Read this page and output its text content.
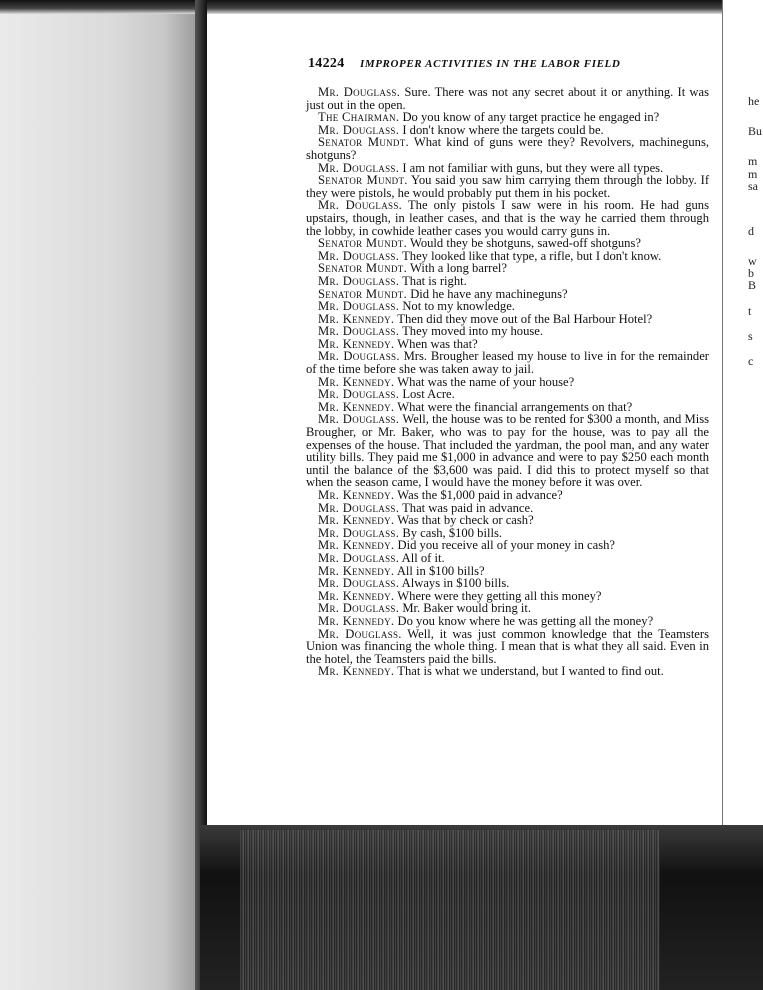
14224 IMPROPER ACTIVITIES IN THE LABOR FIELD

Mr. Douglass. Sure. There was not any secret about it or anything. It was just out in the open.

The Chairman. Do you know of any target practice he engaged in?

Mr. Douglass. I don't know where the targets could be.

Senator Mundt. What kind of guns were they? Revolvers, machineguns, shotguns?

Mr. Douglass. I am not familiar with guns, but they were all types.

Senator Mundt. You said you saw him carrying them through the lobby. If they were pistols, he would probably put them in his pocket.

Mr. Douglass. The only pistols I saw were in his room. He had guns upstairs, though, in leather cases, and that is the way he carried them through the lobby, in cowhide leather cases you would carry guns in.

Senator Mundt. Would they be shotguns, sawed-off shotguns?

Mr. Douglass. They looked like that type, a rifle, but I don't know.

Senator Mundt. With a long barrel?

Mr. Douglass. That is right.

Senator Mundt. Did he have any machineguns?

Mr. Douglass. Not to my knowledge.

Mr. Kennedy. Then did they move out of the Bal Harbour Hotel?

Mr. Douglass. They moved into my house.

Mr. Kennedy. When was that?

Mr. Douglass. Mrs. Brougher leased my house to live in for the remainder of the time before she was taken away to jail.

Mr. Kennedy. What was the name of your house?

Mr. Douglass. Lost Acre.

Mr. Kennedy. What were the financial arrangements on that?

Mr. Douglass. Well, the house was to be rented for $300 a month, and Miss Brougher, or Mr. Baker, who was to pay for the house, was to pay all the expenses of the house. That included the yardman, the pool man, and any water utility bills. They paid me $1,000 in advance and were to pay $250 each month until the balance of the $3,600 was paid. I did this to protect myself so that when the season came, I would have the money before it was over.

Mr. Kennedy. Was the $1,000 paid in advance?

Mr. Douglass. That was paid in advance.

Mr. Kennedy. Was that by check or cash?

Mr. Douglass. By cash, $100 bills.

Mr. Kennedy. Did you receive all of your money in cash?

Mr. Douglass. All of it.

Mr. Kennedy. All in $100 bills?

Mr. Douglass. Always in $100 bills.

Mr. Kennedy. Where were they getting all this money?

Mr. Douglass. Mr. Baker would bring it.

Mr. Kennedy. Do you know where he was getting all the money?

Mr. Douglass. Well, it was just common knowledge that the Teamsters Union was financing the whole thing. I mean that is what they all said. Even in the hotel, the Teamsters paid the bills.

Mr. Kennedy. That is what we understand, but I wanted to find out.

he
Bu
m
m
sa
d
w
b
B
t
s
c
